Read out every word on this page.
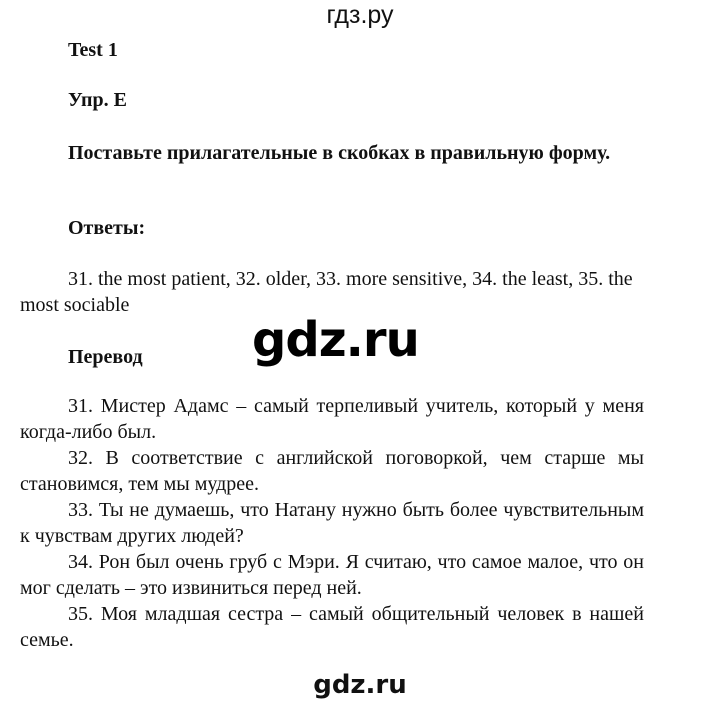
гдз.ру

Test 1

Упр. E

Поставьте прилагательные в скобках в правильную форму.

Ответы:

31. the most patient, 32. older, 33. more sensitive, 34. the least, 35. the most sociable

gdz.ru

Перевод

31. Мистер Адамс – самый терпеливый учитель, который у меня когда-либо был.

32. В соответствие с английской поговоркой, чем старше мы становимся, тем мы мудрее.

33. Ты не думаешь, что Натану нужно быть более чувствительным к чувствам других людей?

34. Рон был очень груб с Мэри. Я считаю, что самое малое, что он мог сделать – это извиниться перед ней.

35. Моя младшая сестра – самый общительный человек в нашей семье.

gdz.ru
